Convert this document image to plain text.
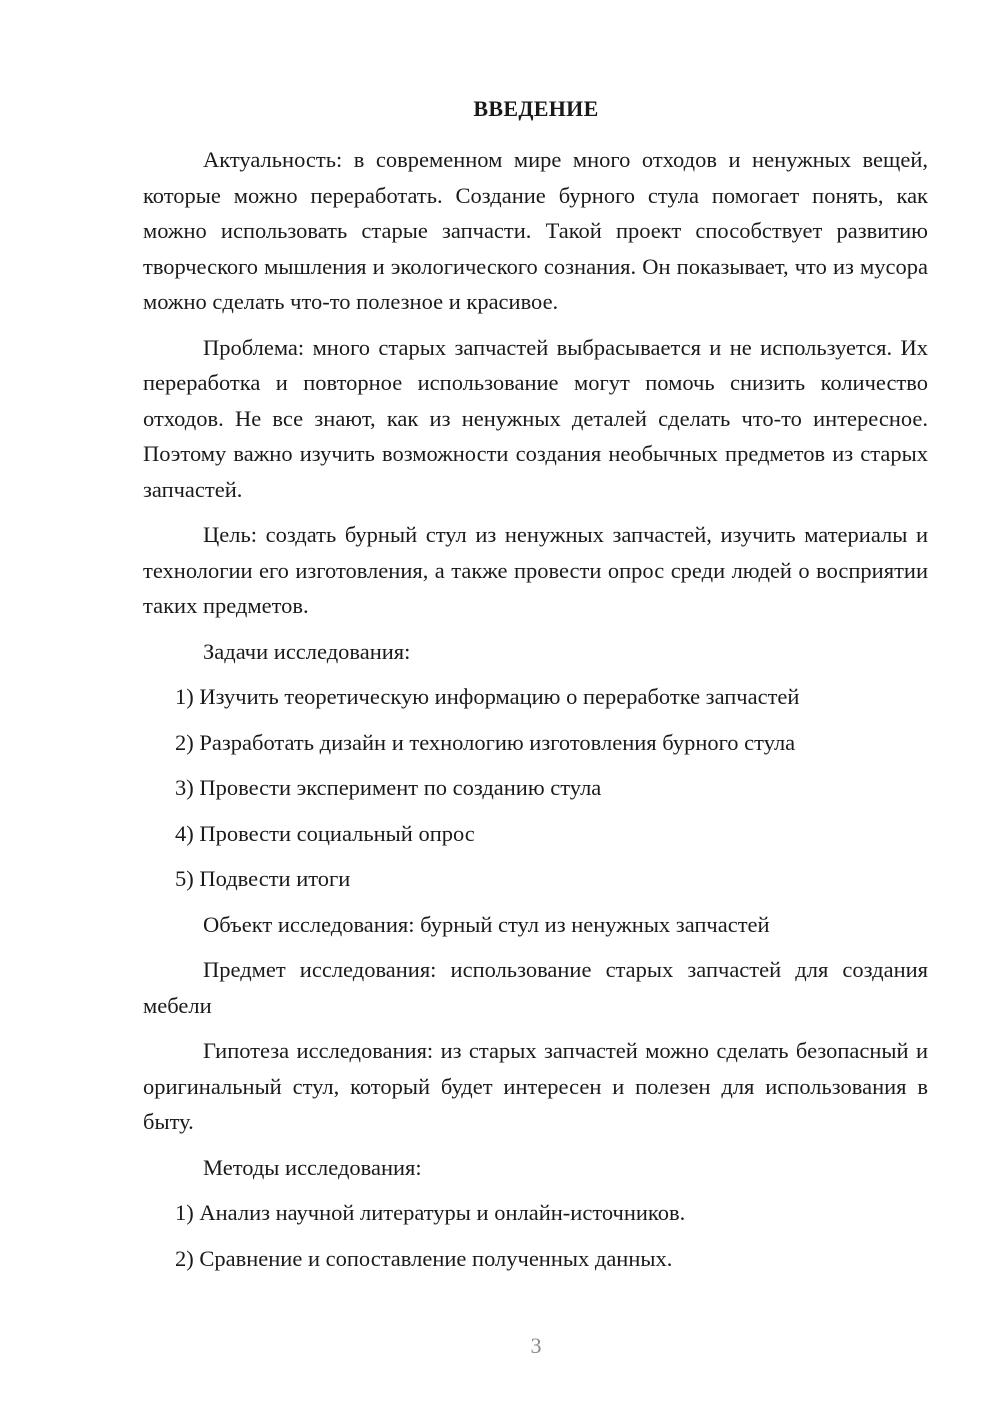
ВВЕДЕНИЕ

Актуальность: в современном мире много отходов и ненужных вещей, которые можно переработать. Создание бурного стула помогает понять, как можно использовать старые запчасти. Такой проект способствует развитию творческого мышления и экологического сознания. Он показывает, что из мусора можно сделать что-то полезное и красивое.

Проблема: много старых запчастей выбрасывается и не используется. Их переработка и повторное использование могут помочь снизить количество отходов. Не все знают, как из ненужных деталей сделать что-то интересное. Поэтому важно изучить возможности создания необычных предметов из старых запчастей.

Цель: создать бурный стул из ненужных запчастей, изучить материалы и технологии его изготовления, а также провести опрос среди людей о восприятии таких предметов.

Задачи исследования:
1) Изучить теоретическую информацию о переработке запчастей
2) Разработать дизайн и технологию изготовления бурного стула
3) Провести эксперимент по созданию стула
4) Провести социальный опрос
5) Подвести итоги
Объект исследования: бурный стул из ненужных запчастей

Предмет исследования: использование старых запчастей для создания мебели

Гипотеза исследования: из старых запчастей можно сделать безопасный и оригинальный стул, который будет интересен и полезен для использования в быту.

Методы исследования:
1) Анализ научной литературы и онлайн-источников.
2) Сравнение и сопоставление полученных данных.
3
